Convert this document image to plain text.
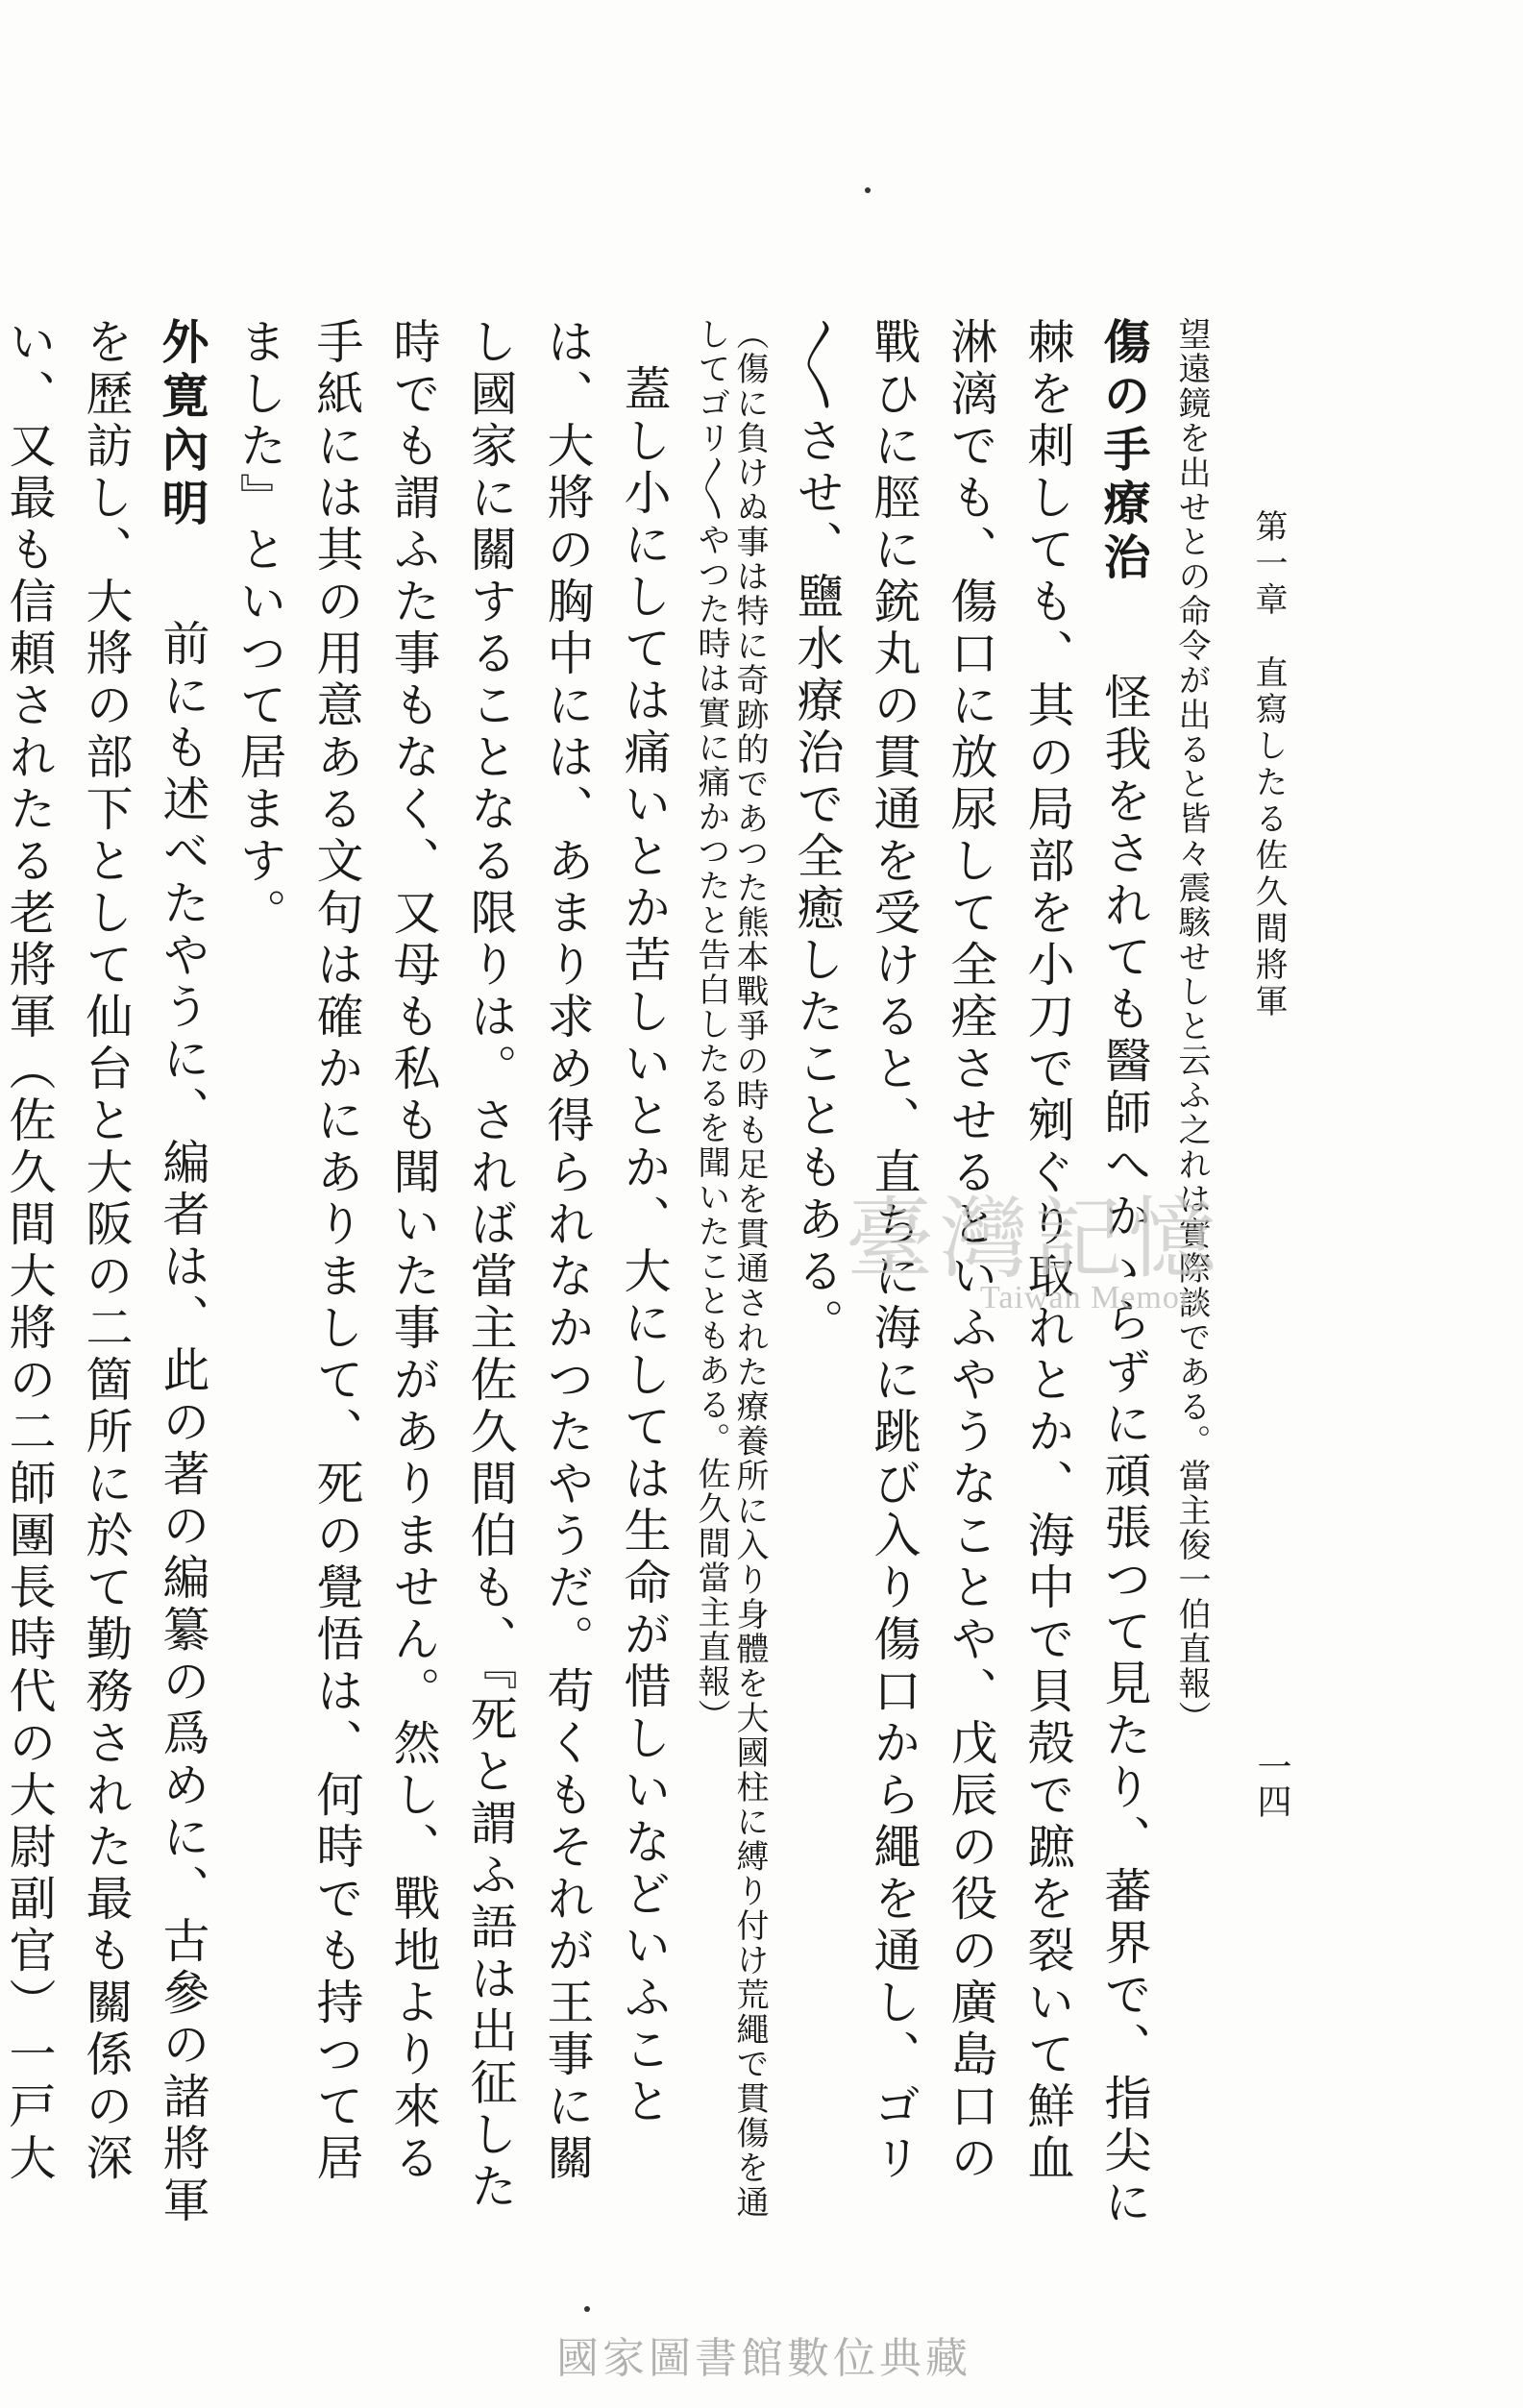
第一章　直寫したる佐久間將軍
一四
望遠鏡を出せとの命令が出ると皆々震駭せしと云ふ之れは實際談である。當主俊一伯直報）
傷の手療治怪我をされても醫師へかゝらずに頑張つて見たり、蕃界で、指尖に棘を刺しても、其の局部を小刀で剜ぐり取れとか、海中で貝殻で蹠を裂いて鮮血淋漓でも、傷口に放尿して全痊させるといふやうなことや、戊辰の役の廣島口の戰ひに脛に銃丸の貫通を受けると、直ちに海に跳び入り傷口から繩を通し、ゴリ〳〵させ、鹽水療治で全癒したこともある。
（傷に負けぬ事は特に奇跡的であつた熊本戰爭の時も足を貫通された療養所に入り身體を大國柱に縛り付け荒繩で貫傷を通してゴリ〳〵やつた時は實に痛かつたと告白したるを聞いたこともある。佐久間當主直報）
蓋し小にしては痛いとか苦しいとか、大にしては生命が惜しいなどいふことは、大將の胸中には、あまり求め得られなかつたやうだ。苟くもそれが王事に關し國家に關することなる限りは。されば當主佐久間伯も、『死と謂ふ語は出征した時でも謂ふた事もなく、又母も私も聞いた事がありません。然し、戰地より來る手紙には其の用意ある文句は確かにありまして、死の覺悟は、何時でも持つて居ました』といつて居ます。
外寛內明前にも述べたやうに、編者は、此の著の編纂の爲めに、古參の諸將軍を歷訪し、大將の部下として仙台と大阪の二箇所に於て勤務された最も關係の深い、又最も信頼されたる老將軍（佐久間大將の二師團長時代の大尉副官）一戸大
臺灣記憶
Taiwan Memory
國家圖書館數位典藏
